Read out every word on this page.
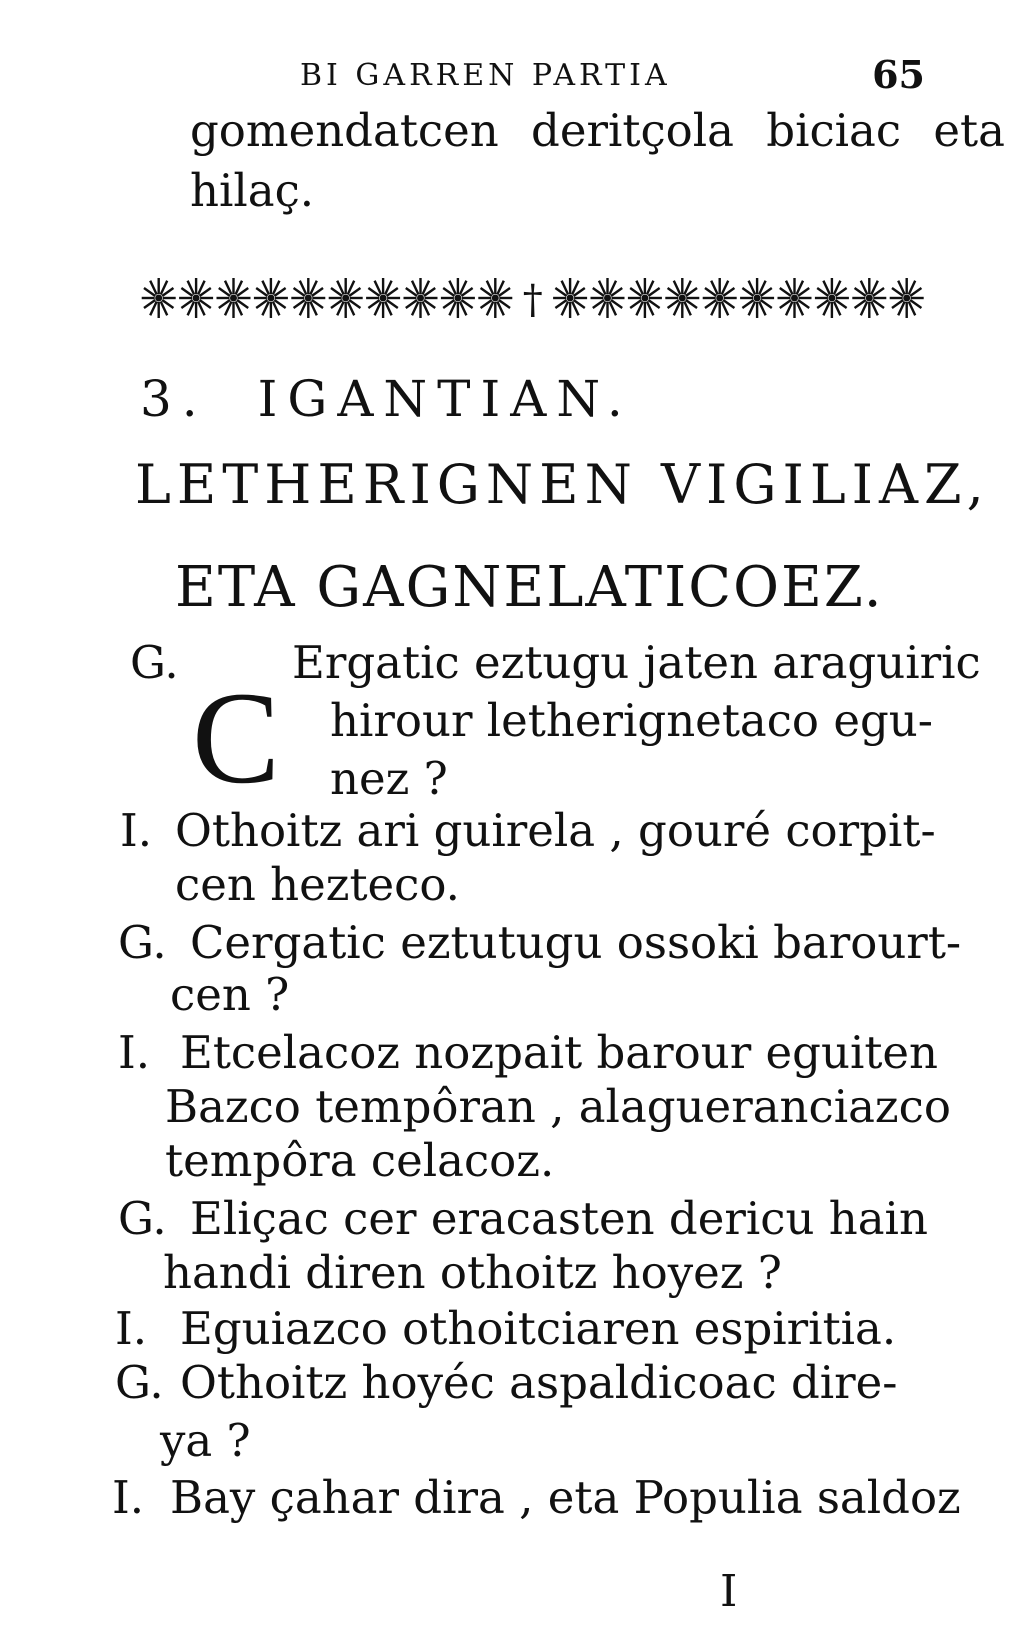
BI GARREN PARTIA	65
gomendatcen deritçola biciac eta
hilaç.
†
3. IGANTIAN.
LETHERIGNEN VIGILIAZ,
ETA GAGNELATICOEZ.
G.
C
Ergatic eztugu jaten araguiric
hirour letherignetaco egu-
nez ?
I. Othoitz ari guirela , gouré corpit-
cen hezteco.
G. Cergatic eztutugu ossoki barourt-
cen ?
I. Etcelacoz nozpait barour eguiten
Bazco tempôran , alagueranciazco
tempôra celacoz.
G. Eliçac cer eracasten dericu hain
handi diren othoitz hoyez ?
I. Eguiazco othoitciaren espiritia.
G. Othoitz hoyéc aspaldicoac dire-
ya ?
I. Bay çahar dira , eta Populia saldoz
I
